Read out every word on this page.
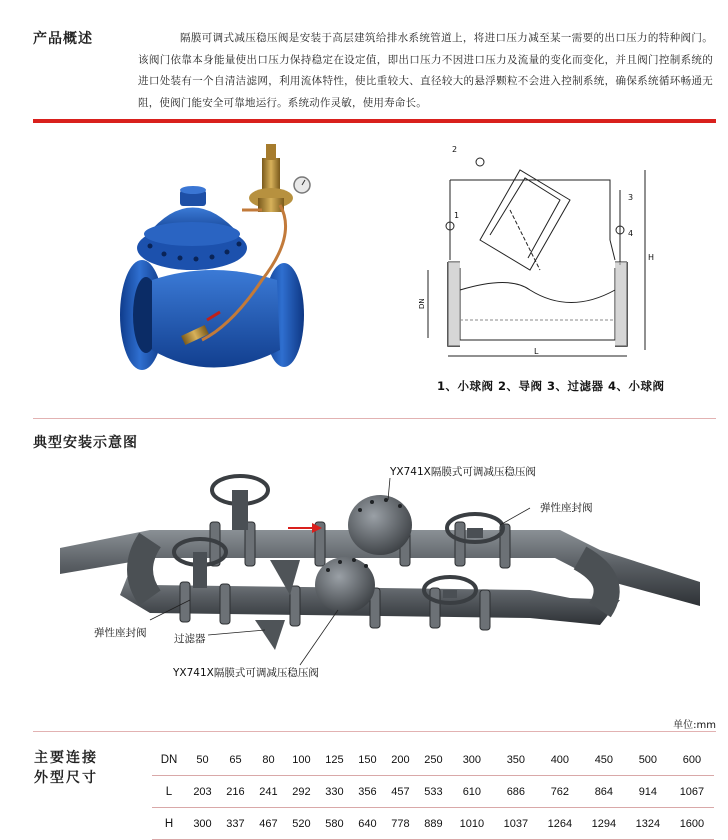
产品概述	隔膜可调式减压稳压阀是安装于高层建筑给排水系统管道上，将进口压力减至某一需要的出口压力的特种阀门。该阀门依靠本身能量使出口压力保持稳定在设定值，即出口压力不因进口压力及流量的变化而变化，并且阀门控制系统的进口处装有一个自清洁滤网，利用流体特性，使比重较大、直径较大的悬浮颗粒不会进入控制系统，确保系统循环畅通无阻，使阀门能安全可靠地运行。系统动作灵敏，使用寿命长。
1
2
3
4
DN
H
L
1、小球阀 2、导阀 3、过滤器 4、小球阀
典型安装示意图
YX741X隔膜式可调减压稳压阀
弹性座封阀
弹性座封阀	过滤器
YX741X隔膜式可调减压稳压阀
单位:mm
主要连接
外型尺寸
DN	50	65	80	100	125	150	200	250	300	350	400	450	500	600
L	203	216	241	292	330	356	457	533	610	686	762	864	914	1067
H	300	337	467	520	580	640	778	889	1010	1037	1264	1294	1324	1600
